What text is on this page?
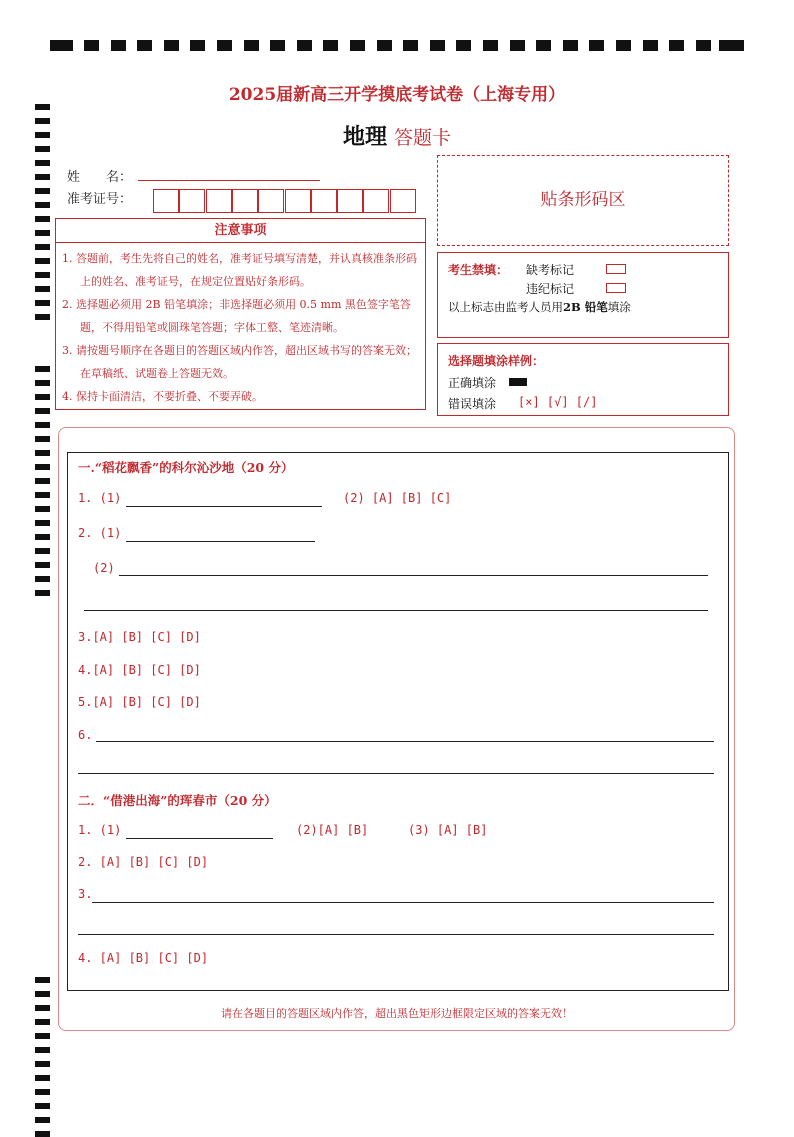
2025届新高三开学摸底考试卷（上海专用）
地理 答题卡
姓　　名：
准考证号：
注意事项
1. 答题前，考生先将自己的姓名，准考证号填写清楚，并认真核准条形码上的姓名、准考证号，在规定位置贴好条形码。
2. 选择题必须用 2B 铅笔填涂；非选择题必须用 0.5 mm 黑色签字笔答题，不得用铅笔或圆珠笔答题；字体工整、笔迹清晰。
3. 请按题号顺序在各题目的答题区域内作答，超出区域书写的答案无效；在草稿纸、试题卷上答题无效。
4. 保持卡面清洁，不要折叠、不要弄破。
贴条形码区
考生禁填： 缺考标记
违纪标记
以上标志由监考人员用2B 铅笔填涂
选择题填涂样例：
正确填涂
错误填涂 [×] [√] [/]
一.“稻花飘香”的科尔沁沙地（20 分）
1. (1)	(2) [A] [B] [C]
2. (1)
(2)
3.[A] [B] [C] [D]
4.[A] [B] [C] [D]
5.[A] [B] [C] [D]
6.
二．“借港出海”的珲春市（20 分）
1. (1)	(2)[A] [B]	(3) [A] [B]
2. [A] [B] [C] [D]
3.
4. [A] [B] [C] [D]
请在各题目的答题区域内作答，超出黑色矩形边框限定区域的答案无效！
